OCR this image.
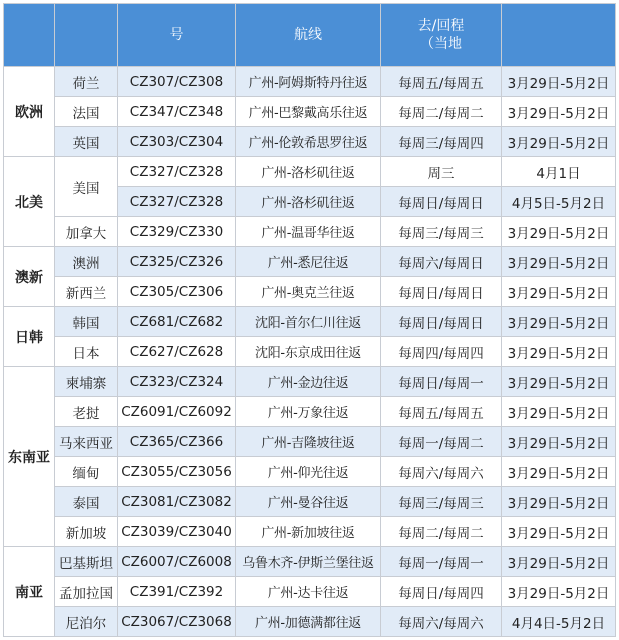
		号	航线	去/回程
（当地	

欧洲	荷兰	CZ307/CZ308	广州-阿姆斯特丹往返	每周五/每周五	3月29日-5月2日
	法国	CZ347/CZ348	广州-巴黎戴高乐往返	每周二/每周二	3月29日-5月2日
	英国	CZ303/CZ304	广州-伦敦希思罗往返	每周三/每周四	3月29日-5月2日
北美	美国	CZ327/CZ328	广州-洛杉矶往返	周三	4月1日
		CZ327/CZ328	广州-洛杉矶往返	每周日/每周日	4月5日-5月2日
	加拿大	CZ329/CZ330	广州-温哥华往返	每周三/每周三	3月29日-5月2日
澳新	澳洲	CZ325/CZ326	广州-悉尼往返	每周六/每周日	3月29日-5月2日
	新西兰	CZ305/CZ306	广州-奥克兰往返	每周日/每周日	3月29日-5月2日
日韩	韩国	CZ681/CZ682	沈阳-首尔仁川往返	每周日/每周日	3月29日-5月2日
	日本	CZ627/CZ628	沈阳-东京成田往返	每周四/每周四	3月29日-5月2日
东南亚	柬埔寨	CZ323/CZ324	广州-金边往返	每周日/每周一	3月29日-5月2日
	老挝	CZ6091/CZ6092	广州-万象往返	每周五/每周五	3月29日-5月2日
	马来西亚	CZ365/CZ366	广州-吉隆坡往返	每周一/每周二	3月29日-5月2日
	缅甸	CZ3055/CZ3056	广州-仰光往返	每周六/每周六	3月29日-5月2日
	泰国	CZ3081/CZ3082	广州-曼谷往返	每周三/每周三	3月29日-5月2日
	新加坡	CZ3039/CZ3040	广州-新加坡往返	每周二/每周二	3月29日-5月2日
南亚	巴基斯坦	CZ6007/CZ6008	乌鲁木齐-伊斯兰堡往返	每周一/每周一	3月29日-5月2日
	孟加拉国	CZ391/CZ392	广州-达卡往返	每周日/每周四	3月29日-5月2日
	尼泊尔	CZ3067/CZ3068	广州-加德满都往返	每周六/每周六	4月4日-5月2日
